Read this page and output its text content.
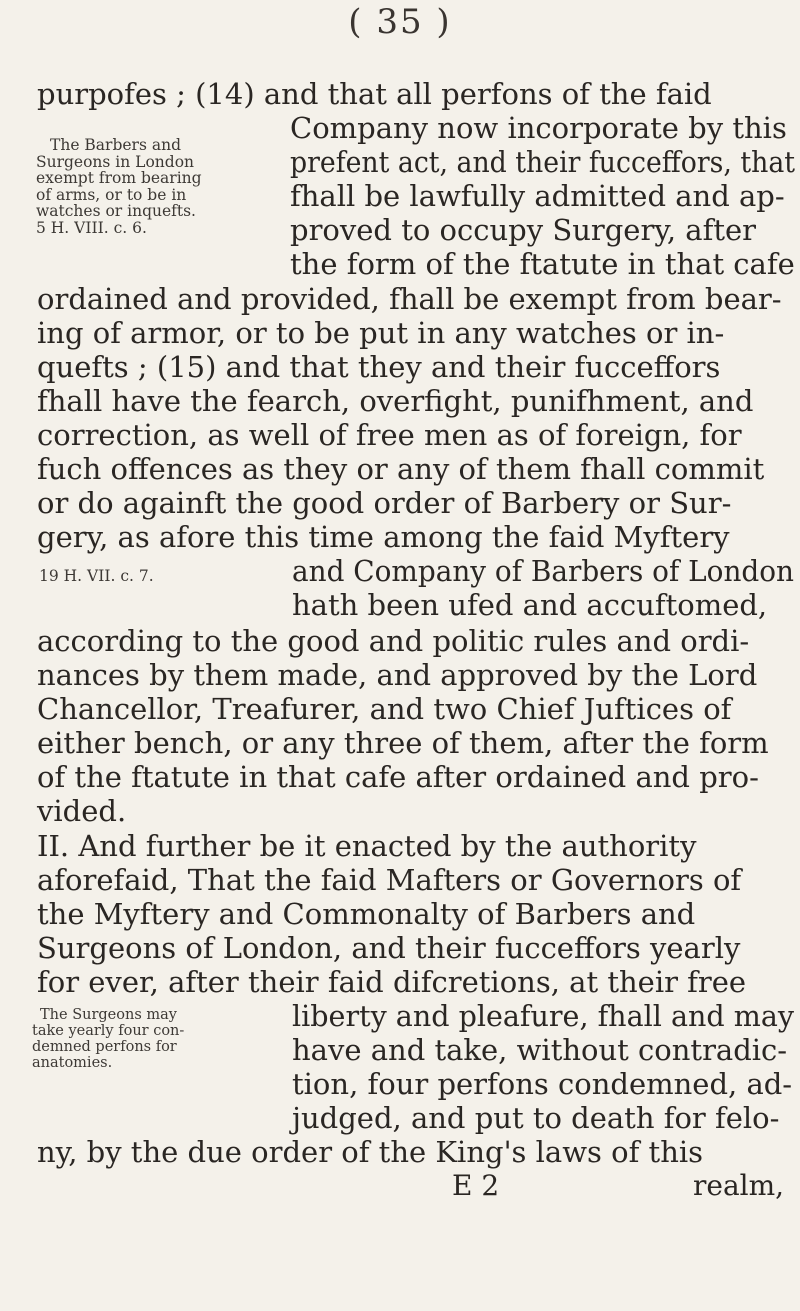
( 35 )
The Barbers and
Surgeons in London
exempt from bearing
of arms, or to be in
watches or inquefts.
5 H. VIII. c. 6.
19 H. VII. c. 7.
The Surgeons may
take yearly four con-
demned perfons for
anatomies.
purpofes ; (14) and that all perfons of the faid
Company now incorporate by this
prefent act, and their fucceffors, that
fhall be lawfully admitted and ap-
proved to occupy Surgery, after
the form of the ftatute in that cafe
ordained and provided, fhall be exempt from bear-
ing of armor, or to be put in any watches or in-
quefts ; (15) and that they and their fucceffors
fhall have the fearch, overfight, punifhment, and
correction, as well of free men as of foreign, for
fuch offences as they or any of them fhall commit
or do againft the good order of Barbery or Sur-
gery, as afore this time among the faid Myftery
and Company of Barbers of London
hath been ufed and accuftomed,
according to the good and politic rules and ordi-
nances by them made, and approved by the Lord
Chancellor, Treafurer, and two Chief Juftices of
either bench, or any three of them, after the form
of the ftatute in that cafe after ordained and pro-
vided.
II. And further be it enacted by the authority
aforefaid, That the faid Mafters or Governors of
the Myftery and Commonalty of Barbers and
Surgeons of London, and their fucceffors yearly
for ever, after their faid difcretions, at their free
liberty and pleafure, fhall and may
have and take, without contradic-
tion, four perfons condemned, ad-
judged, and put to death for felo-
ny, by the due order of the King's laws of this
E 2	realm,
